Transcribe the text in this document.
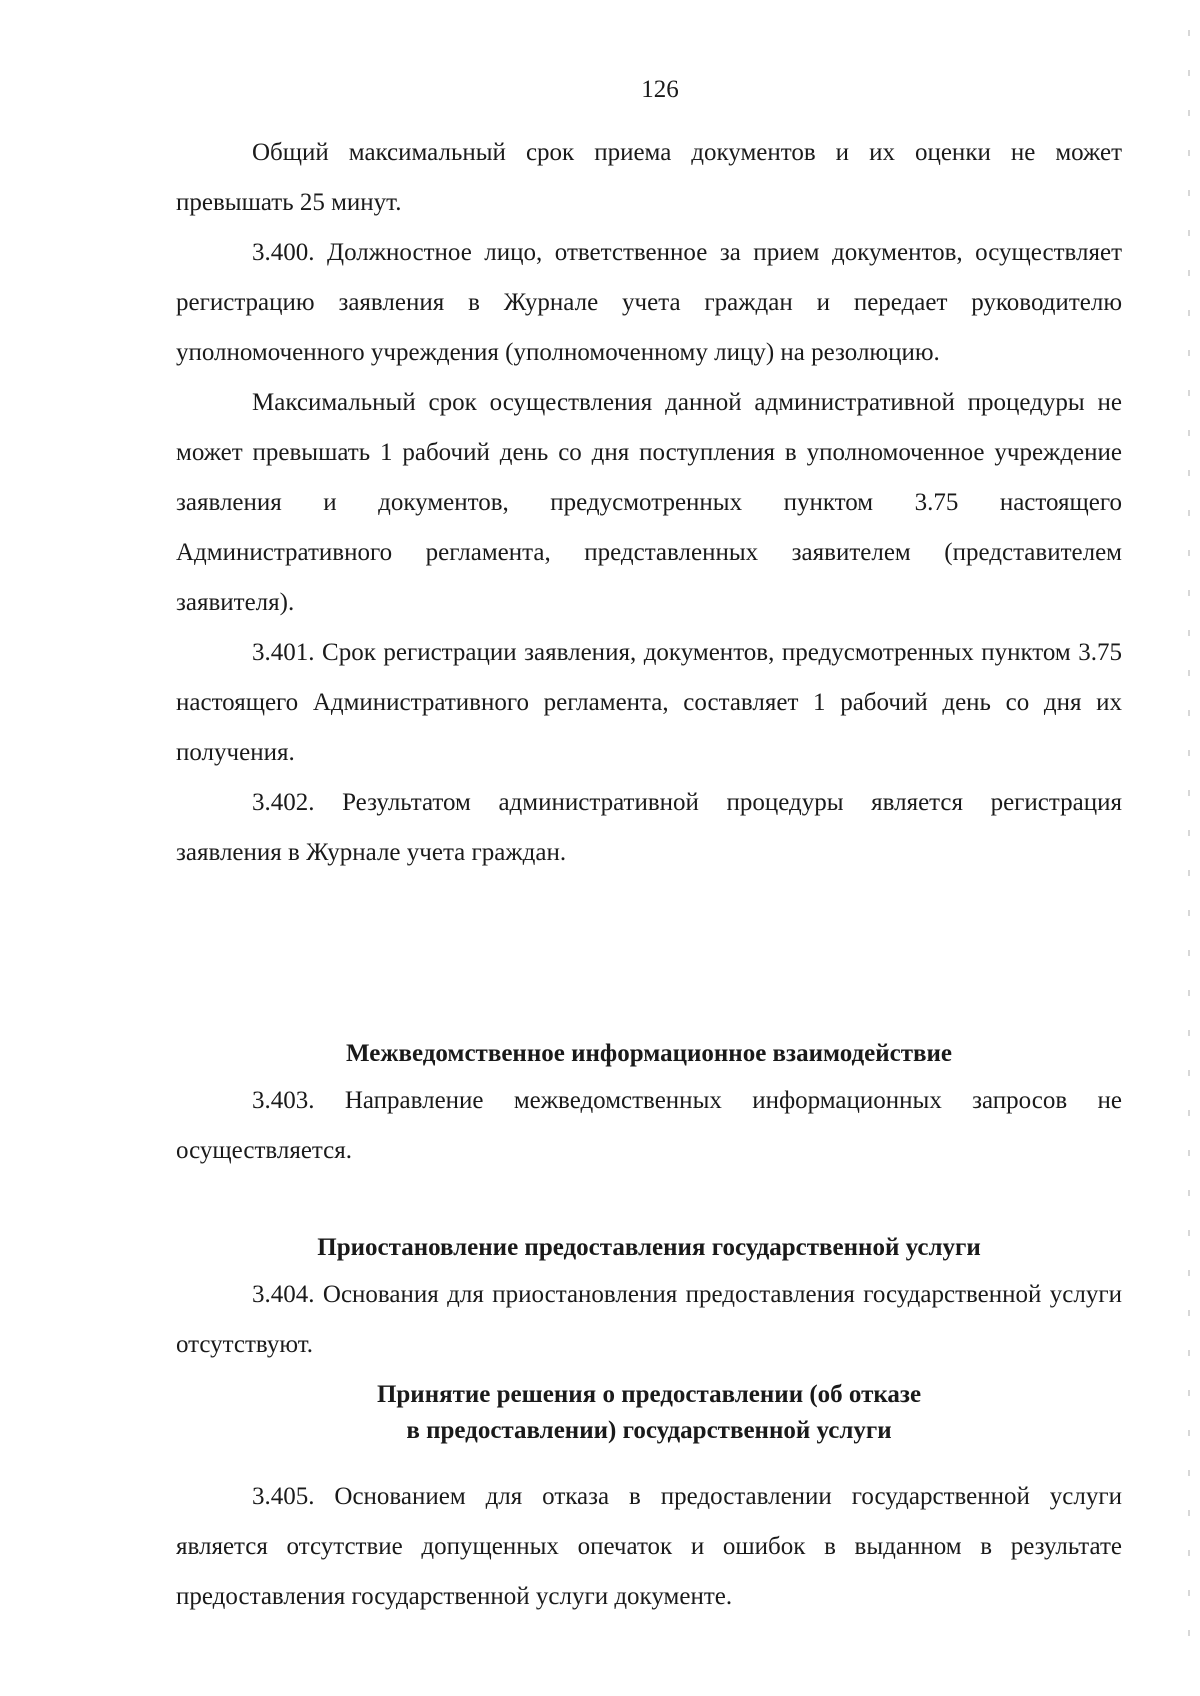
126

Общий максимальный срок приема документов и их оценки не может превышать 25 минут.

3.400. Должностное лицо, ответственное за прием документов, осуществляет регистрацию заявления в Журнале учета граждан и передает руководителю уполномоченного учреждения (уполномоченному лицу) на резолюцию.

Максимальный срок осуществления данной административной процедуры не может превышать 1 рабочий день со дня поступления в уполномоченное учреждение заявления и документов, предусмотренных пунктом 3.75 настоящего Административного регламента, представленных заявителем (представителем заявителя).

3.401. Срок регистрации заявления, документов, предусмотренных пунктом 3.75 настоящего Административного регламента, составляет 1 рабочий день со дня их получения.

3.402. Результатом административной процедуры является регистрация заявления в Журнале учета граждан.

Межведомственное информационное взаимодействие

3.403. Направление межведомственных информационных запросов не осуществляется.

Приостановление предоставления государственной услуги

3.404. Основания для приостановления предоставления государственной услуги отсутствуют.

Принятие решения о предоставлении (об отказе
в предоставлении) государственной услуги

3.405. Основанием для отказа в предоставлении государственной услуги является отсутствие допущенных опечаток и ошибок в выданном в результате предоставления государственной услуги документе.
